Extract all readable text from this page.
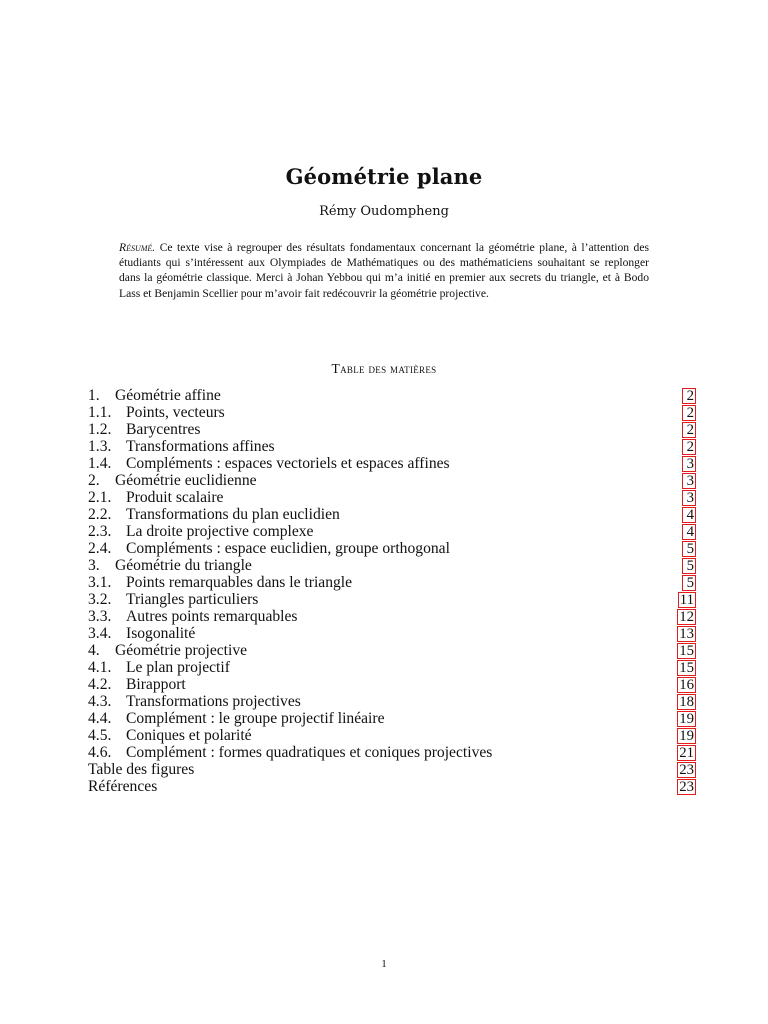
Géométrie plane
Rémy Oudompheng
Résumé. Ce texte vise à regrouper des résultats fondamentaux concernant la géométrie plane, à l’attention des étudiants qui s’intéressent aux Olympiades de Mathématiques ou des mathématiciens souhaitant se replonger dans la géométrie classique. Merci à Johan Yebbou qui m’a initié en premier aux secrets du triangle, et à Bodo Lass et Benjamin Scellier pour m’avoir fait redécouvrir la géométrie projective.
Table des matières
1. Géométrie affine	2
1.1. Points, vecteurs	2
1.2. Barycentres	2
1.3. Transformations affines	2
1.4. Compléments : espaces vectoriels et espaces affines	3
2. Géométrie euclidienne	3
2.1. Produit scalaire	3
2.2. Transformations du plan euclidien	4
2.3. La droite projective complexe	4
2.4. Compléments : espace euclidien, groupe orthogonal	5
3. Géométrie du triangle	5
3.1. Points remarquables dans le triangle	5
3.2. Triangles particuliers	11
3.3. Autres points remarquables	12
3.4. Isogonalité	13
4. Géométrie projective	15
4.1. Le plan projectif	15
4.2. Birapport	16
4.3. Transformations projectives	18
4.4. Complément : le groupe projectif linéaire	19
4.5. Coniques et polarité	19
4.6. Complément : formes quadratiques et coniques projectives	21
Table des figures	23
Références	23
1
